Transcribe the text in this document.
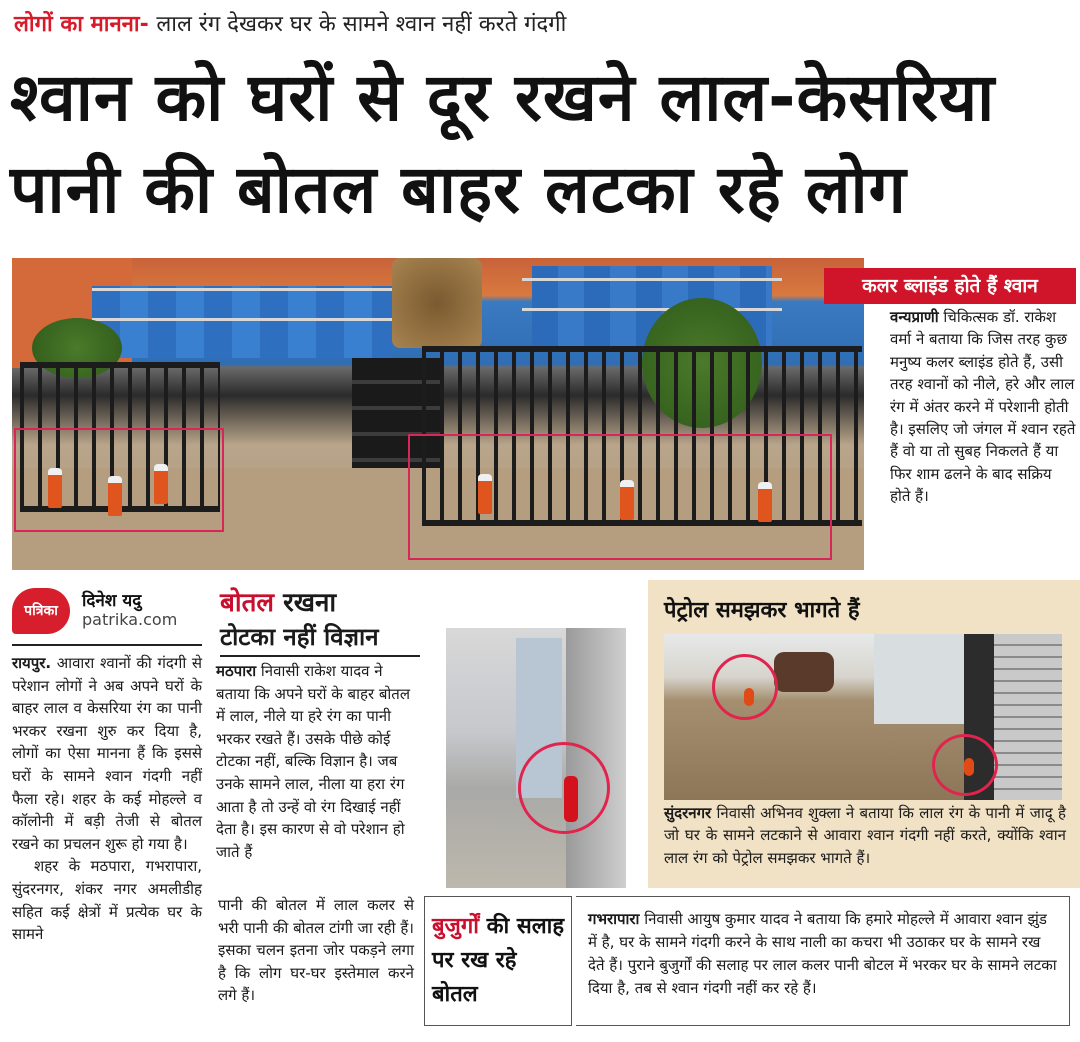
लोगों का मानना- लाल रंग देखकर घर के सामने श्वान नहीं करते गंदगी
श्वान को घरों से दूर रखने लाल-केसरिया
पानी की बोतल बाहर लटका रहे लोग
कलर ब्लाइंड होते हैं श्वान
वन्यप्राणी चिकित्सक डॉ. राकेश वर्मा ने बताया कि जिस तरह कुछ मनुष्य कलर ब्लाइंड होते हैं, उसी तरह श्वानों को नीले, हरे और लाल रंग में अंतर करने में परेशानी होती है। इसलिए जो जंगल में श्वान रहते हैं वो या तो सुबह निकलते हैं या फिर शाम ढलने के बाद सक्रिय होते हैं।
पत्रिका	दिनेश यदु
patrika.com

रायपुर. आवारा श्वानों की गंदगी से परेशान लोगों ने अब अपने घरों के बाहर लाल व केसरिया रंग का पानी भरकर रखना शुरु कर दिया है, लोगों का ऐसा मानना हैं कि इससे घरों के सामने श्वान गंदगी नहीं फैला रहे। शहर के कई मोहल्ले व कॉलोनी में बड़ी तेजी से बोतल रखने का प्रचलन शुरू हो गया है।

शहर के मठपारा, गभरापारा, सुंदरनगर, शंकर नगर अमलीडीह सहित कई क्षेत्रों में प्रत्येक घर के सामने

बोतल रखना
टोटका नहीं विज्ञान
मठपारा निवासी राकेश यादव ने बताया कि अपने घरों के बाहर बोतल में लाल, नीले या हरे रंग का पानी भरकर रखते हैं। उसके पीछे कोई टोटका नहीं, बल्कि विज्ञान है। जब उनके सामने लाल, नीला या हरा रंग आता है तो उन्हें वो रंग दिखाई नहीं देता है। इस कारण से वो परेशान हो जाते हैं
पानी की बोतल में लाल कलर से भरी पानी की बोतल टांगी जा रही हैं। इसका चलन इतना जोर पकड़ने लगा है कि लोग घर-घर इस्तेमाल करने लगे हैं।
पेट्रोल समझकर भागते हैं
सुंदरनगर निवासी अभिनव शुक्ला ने बताया कि लाल रंग के पानी में जादू है जो घर के सामने लटकाने से आवारा श्वान गंदगी नहीं करते, क्योंकि श्वान लाल रंग को पेट्रोल समझकर भागते हैं।
बुजुर्गों की सलाह पर रख रहे बोतल
गभरापारा निवासी आयुष कुमार यादव ने बताया कि हमारे मोहल्ले में आवारा श्वान झुंड में है, घर के सामने गंदगी करने के साथ नाली का कचरा भी उठाकर घर के सामने रख देते हैं। पुराने बुजुर्गों की सलाह पर लाल कलर पानी बोटल में भरकर घर के सामने लटका दिया है, तब से श्वान गंदगी नहीं कर रहे हैं।
